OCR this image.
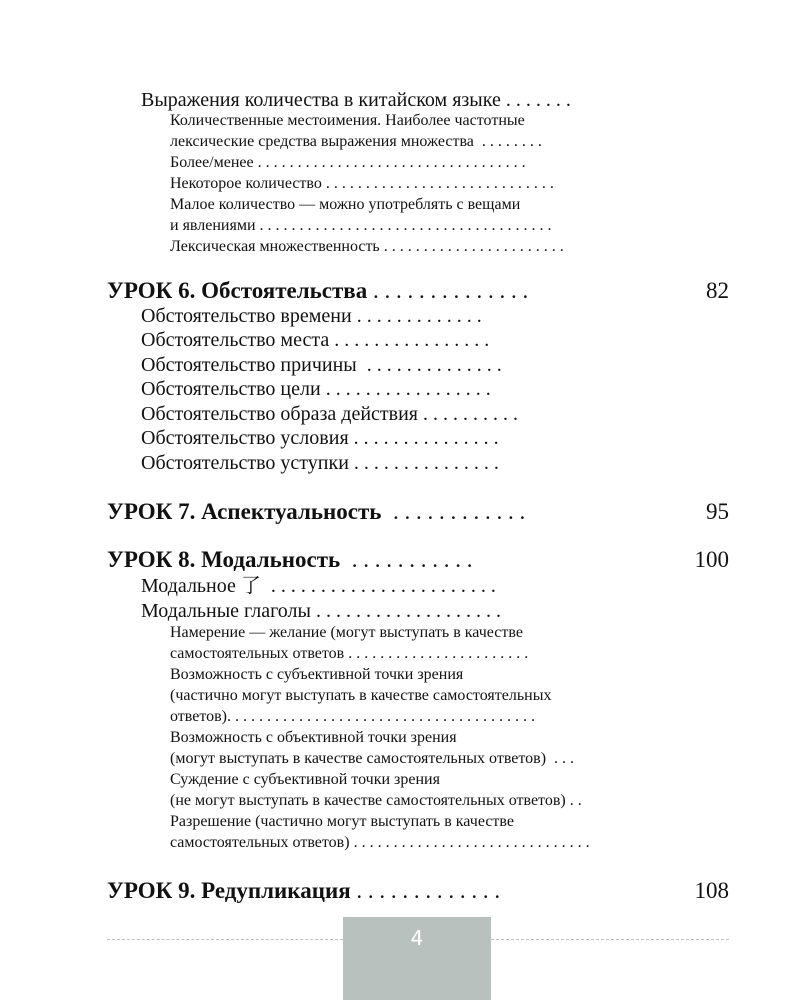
Выражения количества в китайском языке . . . . . . .
Количественные местоимения. Наиболее частотные
лексические средства выражения множества  . . . . . . . .
Более/менее . . . . . . . . . . . . . . . . . . . . . . . . . . . . . . . . . .
Некоторое количество . . . . . . . . . . . . . . . . . . . . . . . . . . . . .
Малое количество — можно употреблять с вещами
и явлениями . . . . . . . . . . . . . . . . . . . . . . . . . . . . . . . . . . . . .
Лексическая множественность . . . . . . . . . . . . . . . . . . . . . . .
УРОК 6. Обстоятельства . . . . . . . . . . . . . .	82
Обстоятельство времени . . . . . . . . . . . . .
Обстоятельство места . . . . . . . . . . . . . . . .
Обстоятельство причины  . . . . . . . . . . . . . .
Обстоятельство цели . . . . . . . . . . . . . . . . .
Обстоятельство образа действия . . . . . . . . . .
Обстоятельство условия . . . . . . . . . . . . . . .
Обстоятельство уступки . . . . . . . . . . . . . . .
УРОК 7. Аспектуальность  . . . . . . . . . . . .	95
УРОК 8. Модальность  . . . . . . . . . . .	100
Модальное 了  . . . . . . . . . . . . . . . . . . . . . . .
Модальные глаголы . . . . . . . . . . . . . . . . . . .
Намерение — желание (могут выступать в качестве
самостоятельных ответов . . . . . . . . . . . . . . . . . . . . . . .
Возможность с субъективной точки зрения
(частично могут выступать в качестве самостоятельных
ответов). . . . . . . . . . . . . . . . . . . . . . . . . . . . . . . . . . . . . . .
Возможность с объективной точки зрения
(могут выступать в качестве самостоятельных ответов)  . . .
Суждение с субъективной точки зрения
(не могут выступать в качестве самостоятельных ответов) . .
Разрешение (частично могут выступать в качестве
самостоятельных ответов) . . . . . . . . . . . . . . . . . . . . . . . . . . . . . .
УРОК 9. Редупликация . . . . . . . . . . . . .	108
4
